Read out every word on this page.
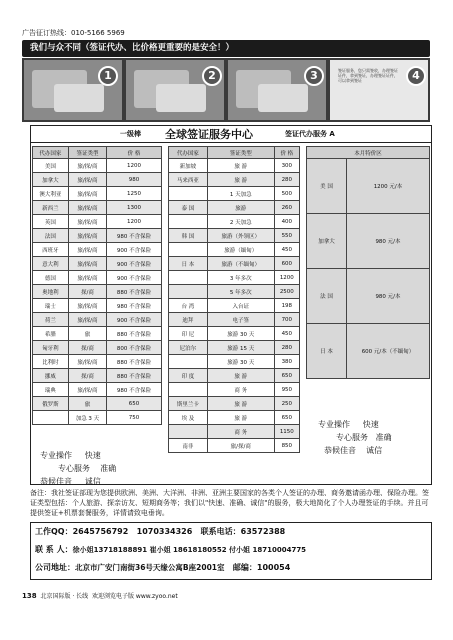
广告征订热线：010-5166 5969
我们与众不同（签证代办、比价格更重要的是安全！）
1	2	3	签证服务，您只需签收，办理签证证件，拿到签证，办理签证证件，可以拿到签证	4
一级棒 全球签证服务中心	签证代办服务 A
代办国家	签证类型	价 格
美国	旅/探/商	1200
加拿大	旅/探/商	980
澳大利亚	旅/探/商	1250
新西兰	旅/探/商	1300
英国	旅/探/商	1200
法国	旅/探/商	980 不含保险
西班牙	旅/探/商	900 不含保险
意大利	旅/探/商	900 不含保险
德国	旅/探/商	900 不含保险
奥地利	探/商	880 不含保险
瑞士	旅/探/商	980 不含保险
荷兰	旅/探/商	900 不含保险
希腊	旅	880 不含保险
匈牙利	探/商	800 不含保险
比利时	旅/探/商	880 不含保险
挪威	探/商	880 不含保险
瑞典	旅/探/商	980 不含保险
俄罗斯	旅	650
	加急 3 天	750
代办国家	签证类型	价 格
新加坡	旅 游	300
马来西亚	旅 游	280
	1 天加急	500
泰 国	旅游	260
	2 天加急	400
韩 国	旅游（外领区）	550
	旅游（缅甸）	450
日 本	旅游（不缅甸）	600
	3 年多次	1200
	5 年多次	2500
台 湾	入台证	198
迪拜	电子签	700
印 尼	旅游 30 天	450
尼泊尔	旅游 15 天	280
	旅游 30 天	380
印 度	旅 游	650
	商 务	950
斯里兰卡	旅 游	250
埃 及	旅 游	650
	商 务	1150
南非	旅/探/商	850
本月特价区	
美 国	1200 元/本
加拿大	980 元/本
法 国	980 元/本
日 本	600 元/本（不缅甸）
专业操作 快速
专心服务 准确
恭候佳音 诚信
专业操作 快速
专心服务 准确
恭候佳音 诚信
备注：我社签证部现为您提供欧洲、美洲、大洋洲、非洲、亚洲主要国家的各类个人签证的办理、商务邀请函办理、保险办理。签证类型包括：个人旅游、探亲访友、短期商务等；我们以"快速、准确、诚信"的服务，极大地简化了个人办理签证的手续。并且可提供签证+机票套餐服务，详情请致电垂询。
工作QQ：2645756792 1070334326 联系电话：63572388
联 系 人：徐小姐13718188891 崔小姐 18618180552 付小姐 18710004775
公司地址：北京市广安门南街36号天缘公寓B座2001室 邮编：100054
138 北京国际版 · 长线 欢迎浏览电子版 www.zyoo.net
